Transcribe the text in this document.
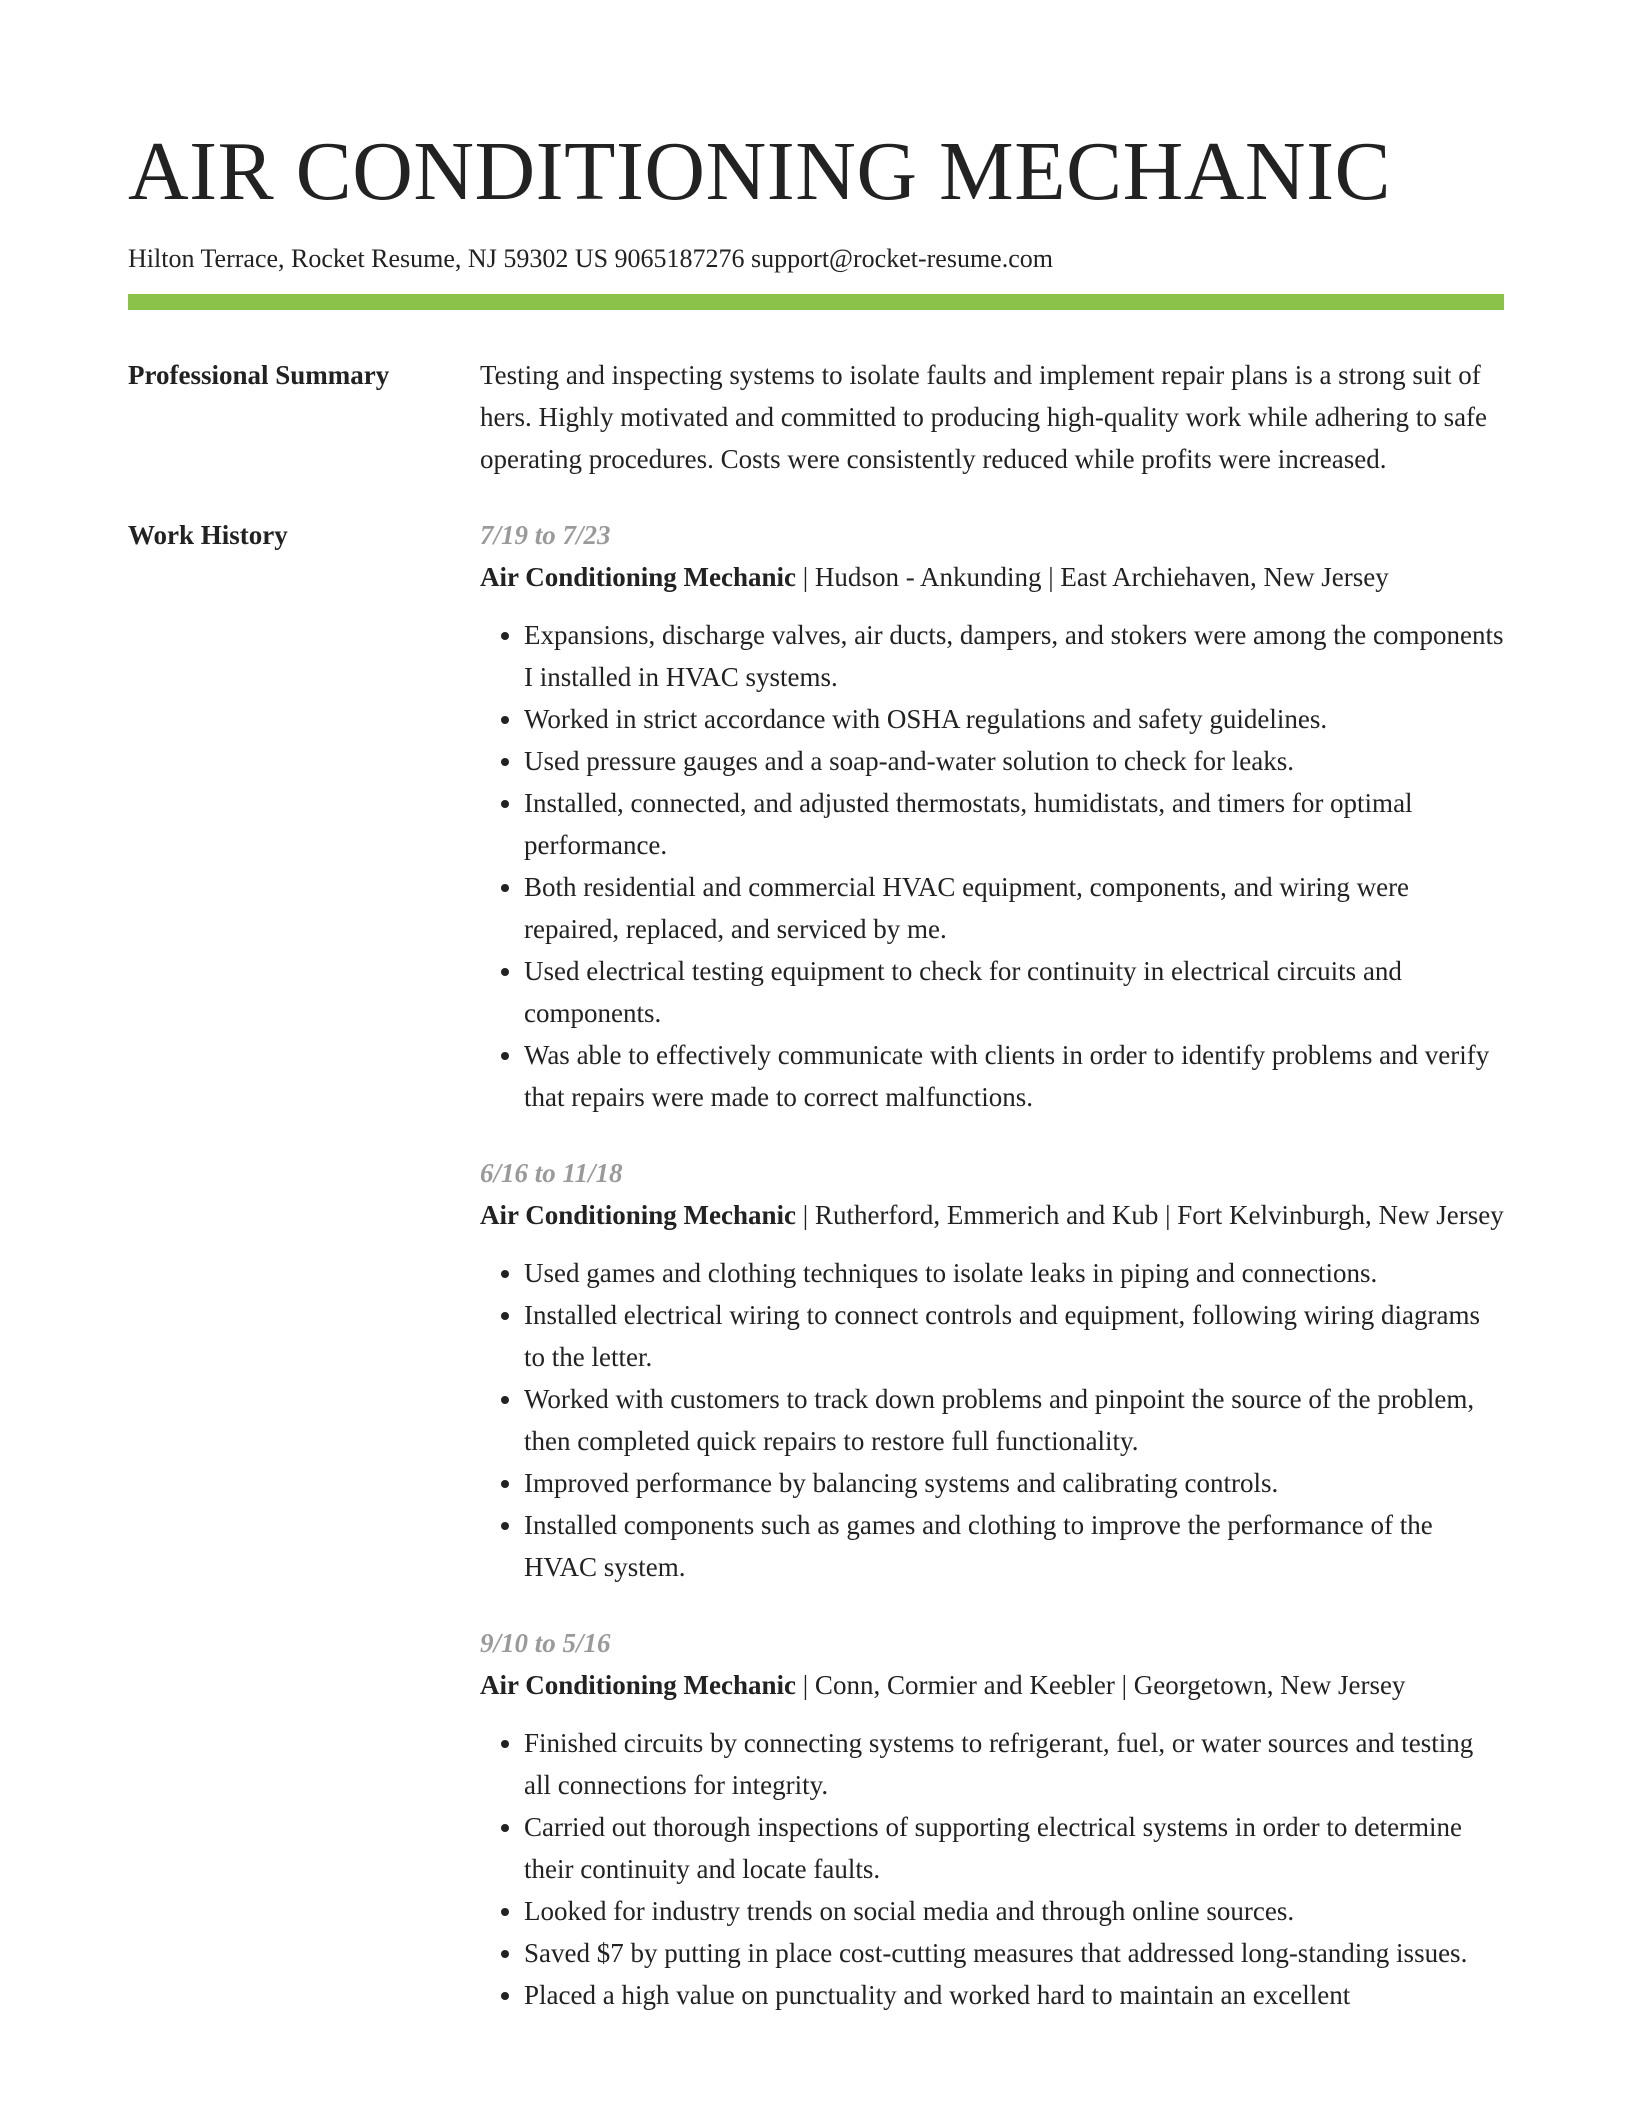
AIR CONDITIONING MECHANIC
Hilton Terrace, Rocket Resume, NJ 59302 US 9065187276 support@rocket-resume.com
Professional Summary	Testing and inspecting systems to isolate faults and implement repair plans is a strong suit of hers. Highly motivated and committed to producing high-quality work while adhering to safe operating procedures. Costs were consistently reduced while profits were increased.

Work History	7/19 to 7/23
Air Conditioning Mechanic | Hudson - Ankunding | East Archiehaven, New Jersey
• Expansions, discharge valves, air ducts, dampers, and stokers were among the components I installed in HVAC systems.
• Worked in strict accordance with OSHA regulations and safety guidelines.
• Used pressure gauges and a soap-and-water solution to check for leaks.
• Installed, connected, and adjusted thermostats, humidistats, and timers for optimal performance.
• Both residential and commercial HVAC equipment, components, and wiring were repaired, replaced, and serviced by me.
• Used electrical testing equipment to check for continuity in electrical circuits and components.
• Was able to effectively communicate with clients in order to identify problems and verify that repairs were made to correct malfunctions.
6/16 to 11/18
Air Conditioning Mechanic | Rutherford, Emmerich and Kub | Fort Kelvinburgh, New Jersey
• Used games and clothing techniques to isolate leaks in piping and connections.
• Installed electrical wiring to connect controls and equipment, following wiring diagrams to the letter.
• Worked with customers to track down problems and pinpoint the source of the problem, then completed quick repairs to restore full functionality.
• Improved performance by balancing systems and calibrating controls.
• Installed components such as games and clothing to improve the performance of the HVAC system.
9/10 to 5/16
Air Conditioning Mechanic | Conn, Cormier and Keebler | Georgetown, New Jersey
• Finished circuits by connecting systems to refrigerant, fuel, or water sources and testing all connections for integrity.
• Carried out thorough inspections of supporting electrical systems in order to determine their continuity and locate faults.
• Looked for industry trends on social media and through online sources.
• Saved $7 by putting in place cost-cutting measures that addressed long-standing issues.
• Placed a high value on punctuality and worked hard to maintain an excellent
